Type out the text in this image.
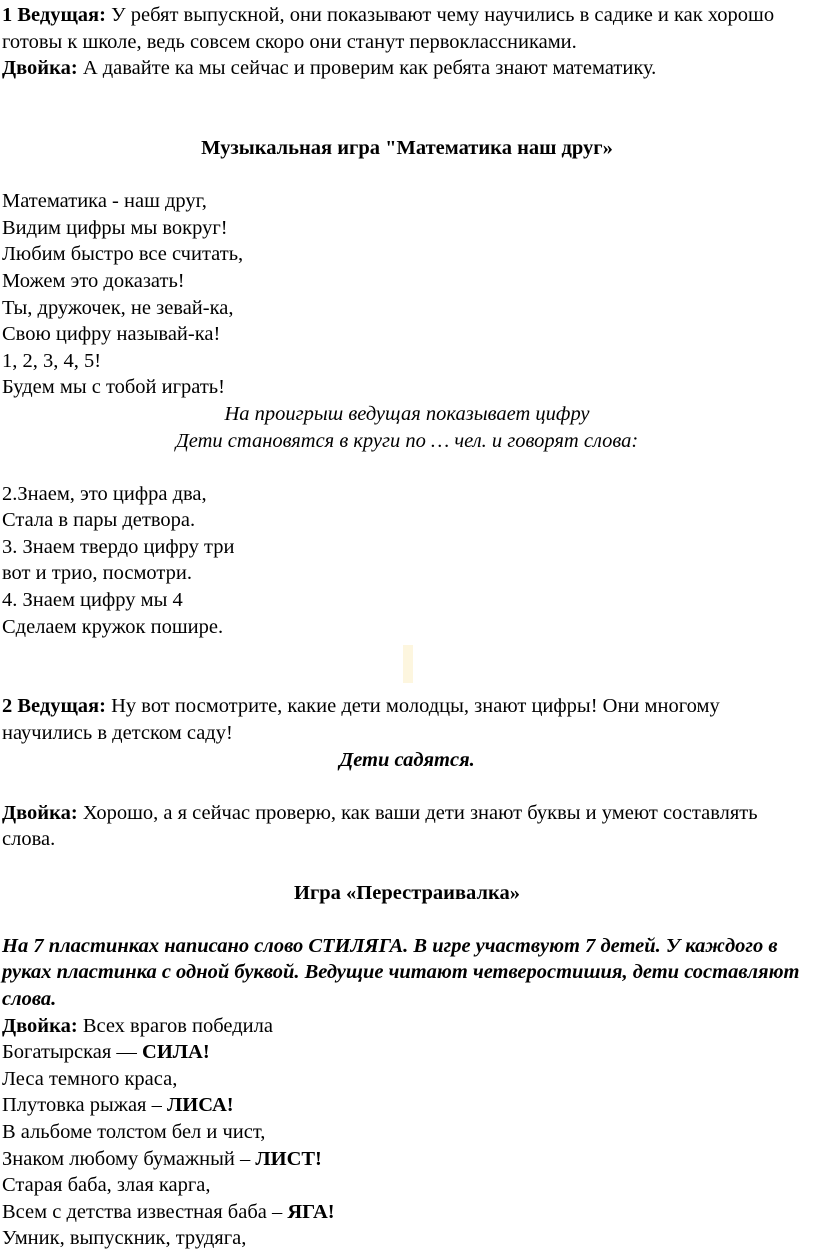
1 Ведущая: У ребят выпускной, они показывают чему научились в садике и как хорошо готовы к школе, ведь совсем скоро они станут первоклассниками.

Двойка: А давайте ка мы сейчас и проверим как ребята знают математику.

Музыкальная игра "Математика наш друг»

Математика - наш друг,

Видим цифры мы вокруг!

Любим быстро все считать,

Можем это доказать!

Ты, дружочек, не зевай-ка,

Свою цифру называй-ка!

1, 2, 3, 4, 5!

Будем мы с тобой играть!

На проигрыш ведущая показывает цифру

Дети становятся в круги по … чел. и говорят слова:

2.Знаем, это цифра два,

Стала в пары детвора.

3. Знаем твердо цифру три

вот и трио, посмотри.

4. Знаем цифру мы 4

Сделаем кружок пошире.

2 Ведущая: Ну вот посмотрите, какие дети молодцы, знают цифры! Они многому научились в детском саду!

Дети садятся.

Двойка: Хорошо, а я сейчас проверю, как ваши дети знают буквы и умеют составлять слова.

Игра «Перестраивалка»

На 7 пластинках написано слово СТИЛЯГА. В игре участвуют 7 детей. У каждого в руках пластинка с одной буквой. Ведущие читают четверостишия, дети составляют слова.

Двойка: Всех врагов победила

Богатырская — СИЛА!

Леса темного краса,

Плутовка рыжая – ЛИСА!

В альбоме толстом бел и чист,

Знаком любому бумажный – ЛИСТ!

Старая баба, злая карга,

Всем с детства известная баба – ЯГА!

Умник, выпускник, трудяга,
